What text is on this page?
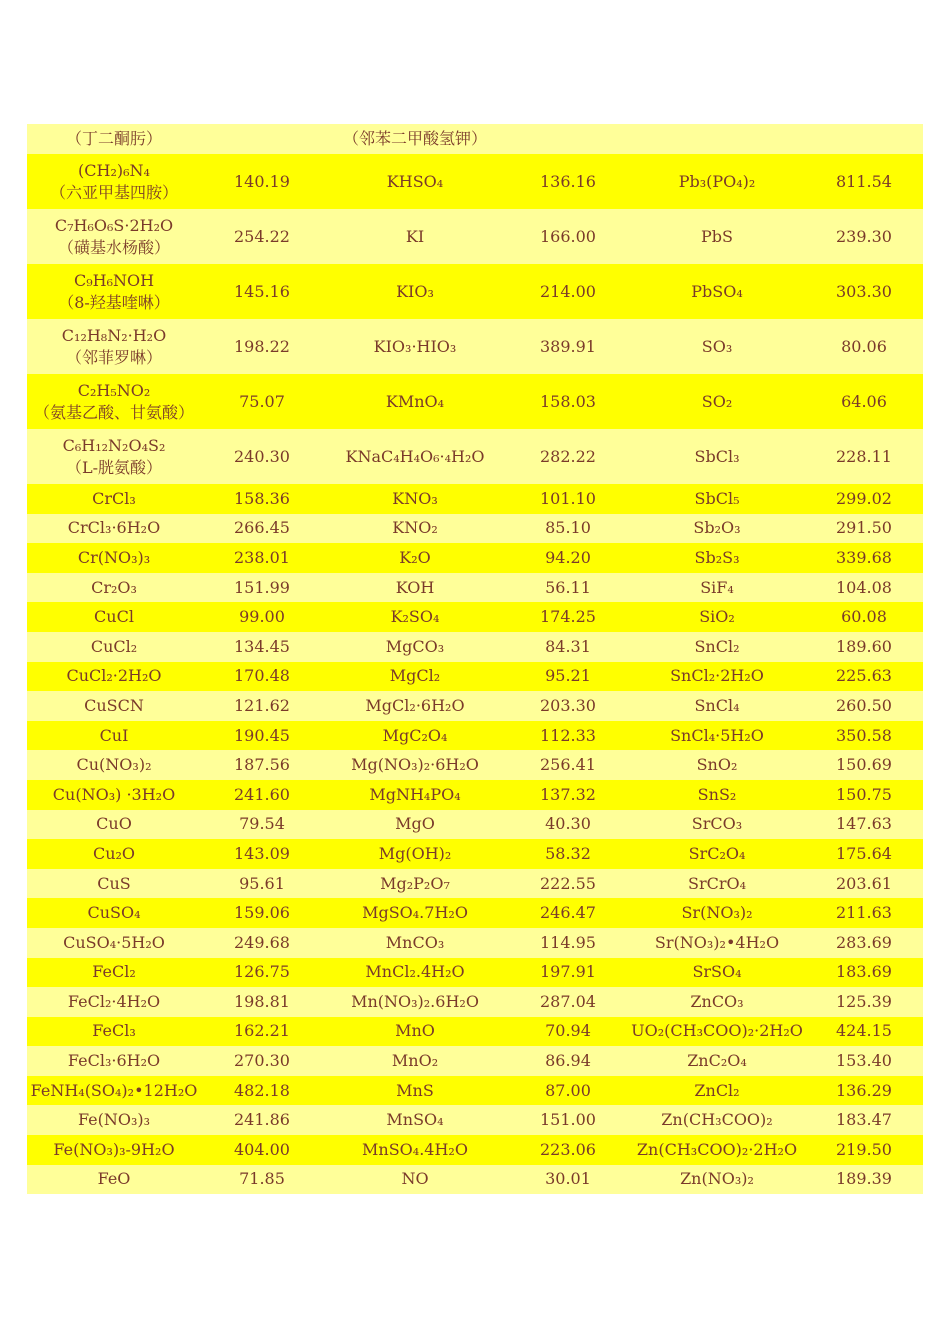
（丁二酮肟）		（邻苯二甲酸氢钾）			
(CH₂)₆N₄
（六亚甲基四胺）	140.19	KHSO₄	136.16	Pb₃(PO₄)₂	811.54
C₇H₆O₆S·2H₂O
（磺基水杨酸）	254.22	KI	166.00	PbS	239.30
C₉H₆NOH
（8-羟基喹啉）	145.16	KIO₃	214.00	PbSO₄	303.30
C₁₂H₈N₂·H₂O
（邻菲罗啉）	198.22	KIO₃·HIO₃	389.91	SO₃	80.06
C₂H₅NO₂
（氨基乙酸、甘氨酸）	75.07	KMnO₄	158.03	SO₂	64.06
C₆H₁₂N₂O₄S₂
（L-胱氨酸）	240.30	KNaC₄H₄O₆·₄H₂O	282.22	SbCl₃	228.11
CrCl₃	158.36	KNO₃	101.10	SbCl₅	299.02
CrCl₃·6H₂O	266.45	KNO₂	85.10	Sb₂O₃	291.50
Cr(NO₃)₃	238.01	K₂O	94.20	Sb₂S₃	339.68
Cr₂O₃	151.99	KOH	56.11	SiF₄	104.08
CuCl	99.00	K₂SO₄	174.25	SiO₂	60.08
CuCl₂	134.45	MgCO₃	84.31	SnCl₂	189.60
CuCl₂·2H₂O	170.48	MgCl₂	95.21	SnCl₂·2H₂O	225.63
CuSCN	121.62	MgCl₂·6H₂O	203.30	SnCl₄	260.50
CuI	190.45	MgC₂O₄	112.33	SnCl₄·5H₂O	350.58
Cu(NO₃)₂	187.56	Mg(NO₃)₂·6H₂O	256.41	SnO₂	150.69
Cu(NO₃) ·3H₂O	241.60	MgNH₄PO₄	137.32	SnS₂	150.75
CuO	79.54	MgO	40.30	SrCO₃	147.63
Cu₂O	143.09	Mg(OH)₂	58.32	SrC₂O₄	175.64
CuS	95.61	Mg₂P₂O₇	222.55	SrCrO₄	203.61
CuSO₄	159.06	MgSO₄.7H₂O	246.47	Sr(NO₃)₂	211.63
CuSO₄·5H₂O	249.68	MnCO₃	114.95	Sr(NO₃)₂•4H₂O	283.69
FeCl₂	126.75	MnCl₂.4H₂O	197.91	SrSO₄	183.69
FeCl₂·4H₂O	198.81	Mn(NO₃)₂.6H₂O	287.04	ZnCO₃	125.39
FeCl₃	162.21	MnO	70.94	UO₂(CH₃COO)₂·2H₂O	424.15
FeCl₃·6H₂O	270.30	MnO₂	86.94	ZnC₂O₄	153.40
FeNH₄(SO₄)₂•12H₂O	482.18	MnS	87.00	ZnCl₂	136.29
Fe(NO₃)₃	241.86	MnSO₄	151.00	Zn(CH₃COO)₂	183.47
Fe(NO₃)₃-9H₂O	404.00	MnSO₄.4H₂O	223.06	Zn(CH₃COO)₂·2H₂O	219.50
FeO	71.85	NO	30.01	Zn(NO₃)₂	189.39
